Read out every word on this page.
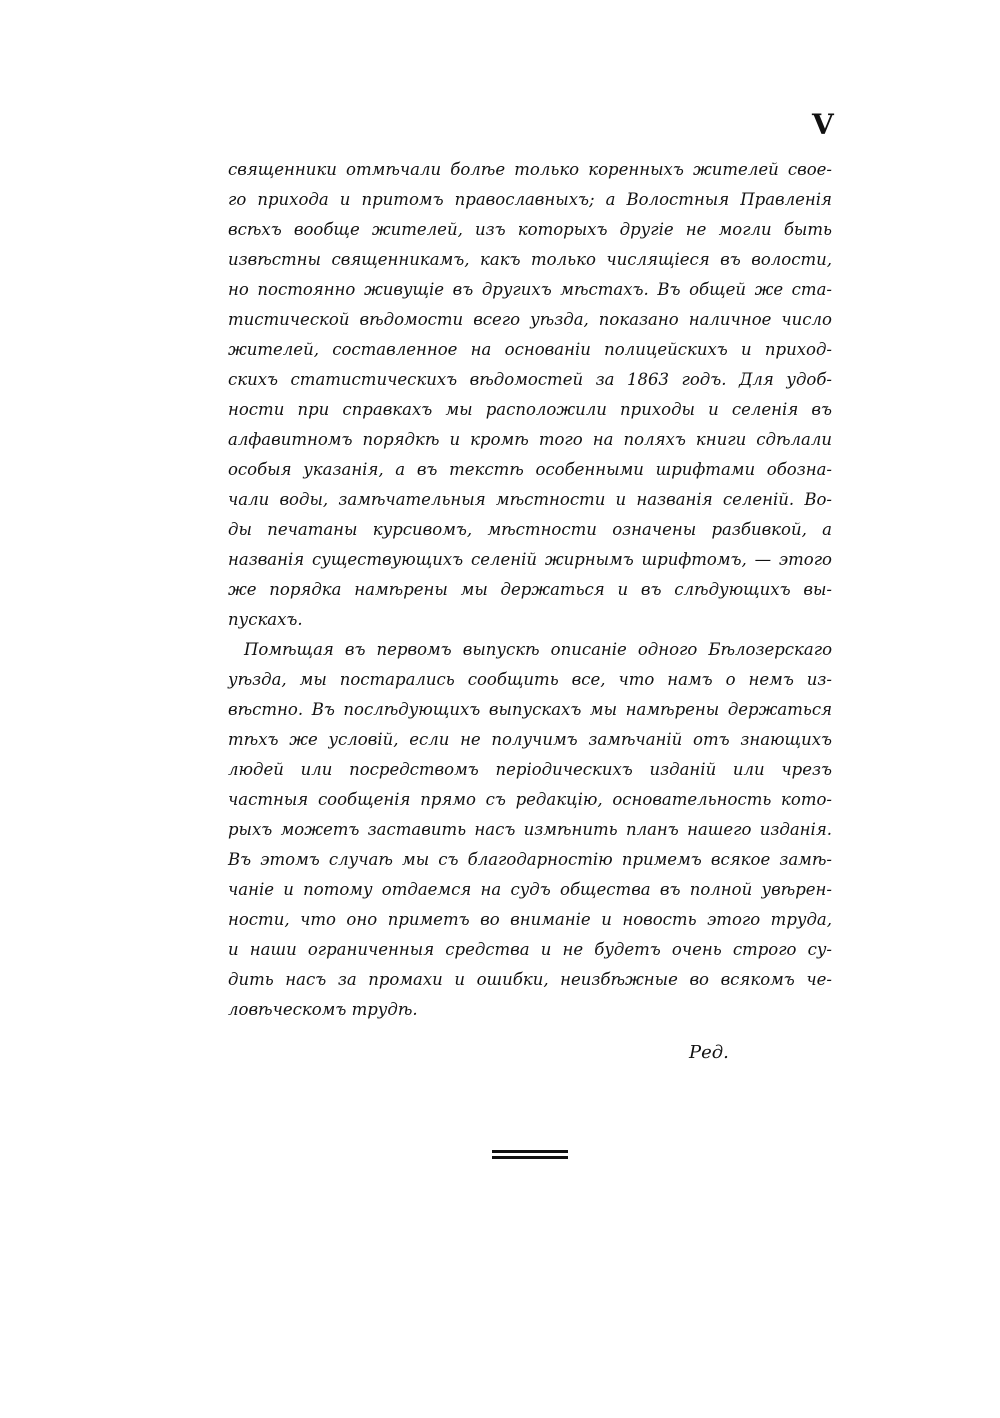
V
священники отмѣчали болѣе только коренныхъ жителей свое-
го прихода и притомъ православныхъ; а Волостныя Правленія
всѣхъ вообще жителей, изъ которыхъ другіе не могли быть
извѣстны священникамъ, какъ только числящіеся въ волости,
но постоянно живущіе въ другихъ мѣстахъ. Въ общей же ста-
тистической вѣдомости всего уѣзда, показано наличное число
жителей, составленное на основаніи полицейскихъ и приход-
скихъ статистическихъ вѣдомостей за 1863 годъ. Для удоб-
ности при справкахъ мы расположили приходы и селенія въ
алфавитномъ порядкѣ и кромѣ того на поляхъ книги сдѣлали
особыя указанія, а въ текстѣ особенными шрифтами обозна-
чали воды, замѣчательныя мѣстности и названія селеній. Во-
ды печатаны курсивомъ, мѣстности означены разбивкой, а
названія существующихъ селеній жирнымъ шрифтомъ, — этого
же порядка намѣрены мы держаться и въ слѣдующихъ вы-
пускахъ.
Помѣщая въ первомъ выпускѣ описаніе одного Бѣлозерскаго
уѣзда, мы постарались сообщить все, что намъ о немъ из-
вѣстно. Въ послѣдующихъ выпускахъ мы намѣрены держаться
тѣхъ же условій, если не получимъ замѣчаній отъ знающихъ
людей или посредствомъ періодическихъ изданій или чрезъ
частныя сообщенія прямо съ редакцію, основательность кото-
рыхъ можетъ заставить насъ измѣнить планъ нашего изданія.
Въ этомъ случаѣ мы съ благодарностію примемъ всякое замѣ-
чаніе и потому отдаемся на судъ общества въ полной увѣрен-
ности, что оно приметъ во вниманіе и новость этого труда,
и наши ограниченныя средства и не будетъ очень строго су-
дить насъ за промахи и ошибки, неизбѣжные во всякомъ че-
ловѣческомъ трудѣ.
Ред.
